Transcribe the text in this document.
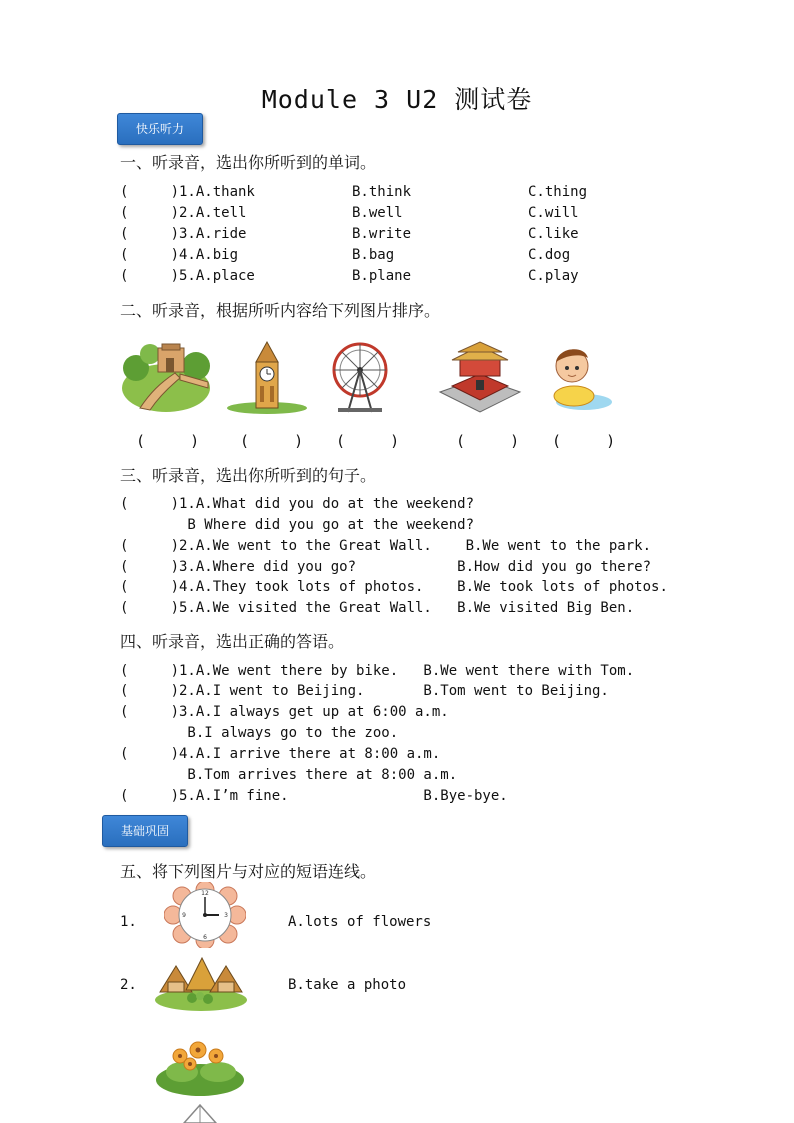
Module 3 U2 测试卷
快乐听力
一、听录音，选出你所听到的单词。
(     )1.A.thank	B.think	C.thing
(     )2.A.tell	B.well	C.will
(     )3.A.ride	B.write	C.like
(     )4.A.big	B.bag	C.dog
(     )5.A.place	B.plane	C.play
二、听录音，根据所听内容给下列图片排序。
(     )	(     ) (     )	(     ) (     )
三、听录音，选出你所听到的句子。
(     )1.A.What did you do at the weekend?
B Where did you go at the weekend?
(     )2.A.We went to the Great Wall.    B.We went to the park.
(     )3.A.Where did you go?            B.How did you go there?
(     )4.A.They took lots of photos.    B.We took lots of photos.
(     )5.A.We visited the Great Wall.   B.We visited Big Ben.
四、听录音，选出正确的答语。
(     )1.A.We went there by bike.   B.We went there with Tom.
(     )2.A.I went to Beijing.       B.Tom went to Beijing.
(     )3.A.I always get up at 6:00 a.m.
B.I always go to the zoo.
(     )4.A.I arrive there at 8:00 a.m.
B.Tom arrives there at 8:00 a.m.
(     )5.A.I’m fine.                B.Bye-bye.
基础巩固
五、将下列图片与对应的短语连线。
1.
12
3
6
9	A.lots of flowers
2.	B.take a photo
